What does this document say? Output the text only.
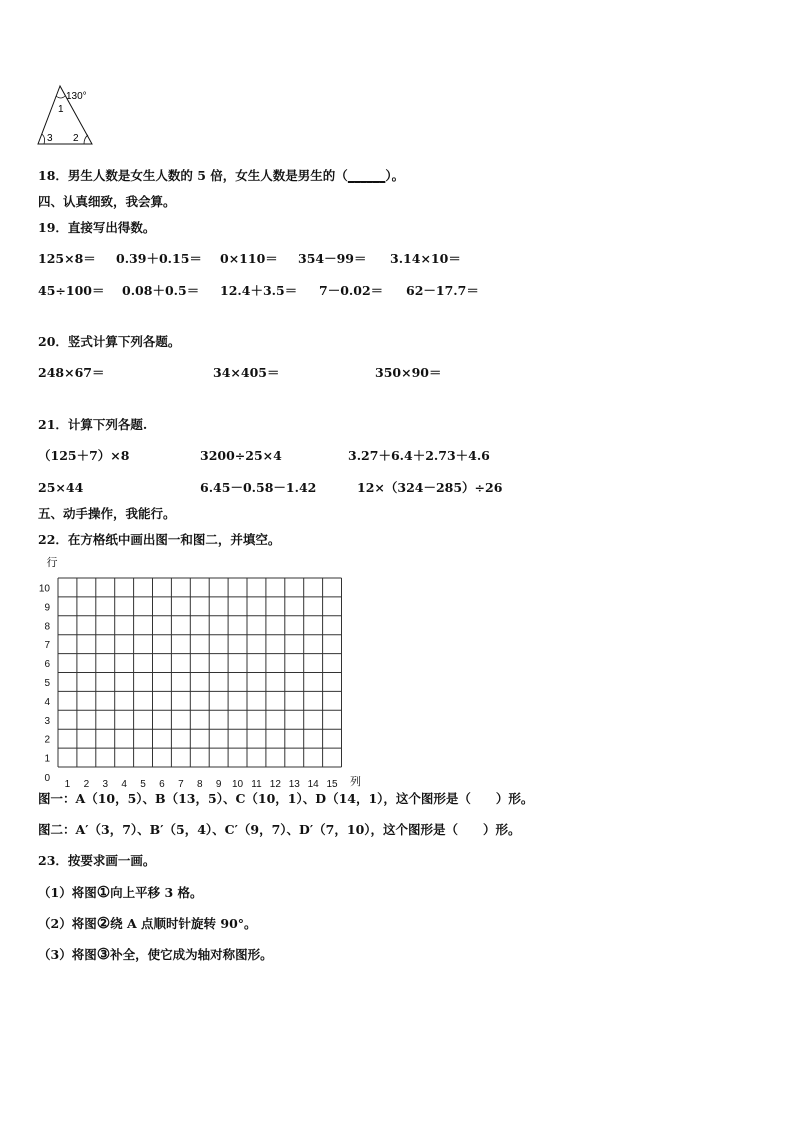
130°
1
3 2
18．男生人数是女生人数的 5 倍，女生人数是男生的（______）。
四、认真细致，我会算。
19．直接写出得数。
125×8＝ 0.39＋0.15＝ 0×110＝ 354－99＝ 3.14×10＝
45÷100＝ 0.08＋0.5＝ 12.4＋3.5＝ 7－0.02＝ 62－17.7＝
20．竖式计算下列各题。
248×67＝	34×405＝	350×90＝
21．计算下列各题.
（125＋7）×8	3200÷25×4	3.27＋6.4＋2.73＋4.6
25×44	6.45－0.58－1.42	12×（324－285）÷26
五、动手操作，我能行。
22．在方格纸中画出图一和图二，并填空。
0
1
2
3
4
5
6
7
8
9
10
1 2 3 4 5 6 7 8 9 10 11 12 13 14 15
行
列
图一：A（10，5）、B（13，5）、C（10，1）、D（14，1），这个图形是（　　）形。
图二：A′（3，7）、B′（5，4）、C′（9，7）、D′（7，10），这个图形是（　　）形。
23．按要求画一画。
（1）将图①向上平移 3 格。
（2）将图②绕 A 点顺时针旋转 90°。
（3）将图③补全，使它成为轴对称图形。
